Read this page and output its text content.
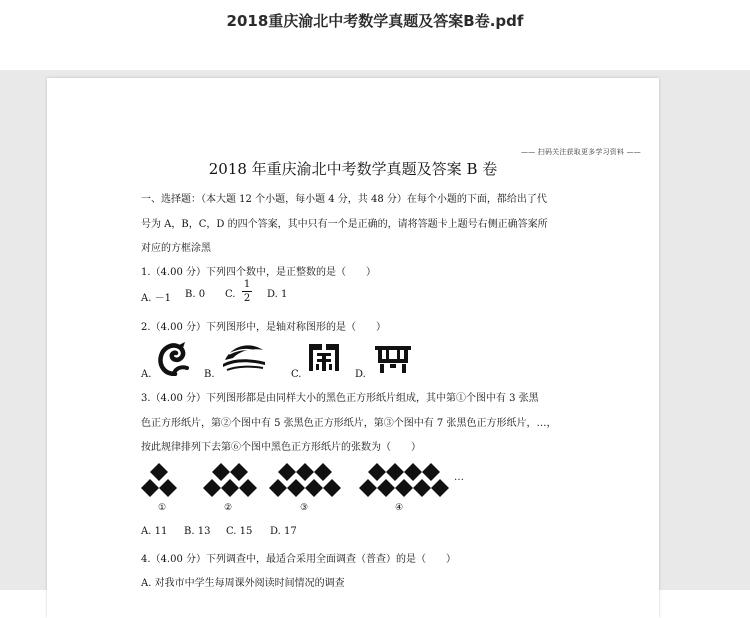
2018重庆渝北中考数学真题及答案B卷.pdf
—— 扫码关注获取更多学习资料 ——
2018 年重庆渝北中考数学真题及答案 B 卷
一、选择题：（本大题 12 个小题，每小题 4 分，共 48 分）在每个小题的下面，都给出了代
号为 A，B，C，D 的四个答案，其中只有一个是正确的，请将答题卡上题号右侧正确答案所
对应的方框涂黑
1.（4.00 分）下列四个数中，是正整数的是（　　）
A. －1 B. 0 C.
1
2 D. 1
2.（4.00 分）下列图形中，是轴对称图形的是（　　）
A.	B.	C.	D.
3.（4.00 分）下列图形都是由同样大小的黑色正方形纸片组成，其中第①个图中有 3 张黑
色正方形纸片，第②个图中有 5 张黑色正方形纸片，第③个图中有 7 张黑色正方形纸片，…，
按此规律排列下去第⑥个图中黑色正方形纸片的张数为（　　）
①	②	③	④
…
A. 11 B. 13 C. 15 D. 17
4.（4.00 分）下列调查中，最适合采用全面调查（普查）的是（　　）
A. 对我市中学生每周课外阅读时间情况的调查
